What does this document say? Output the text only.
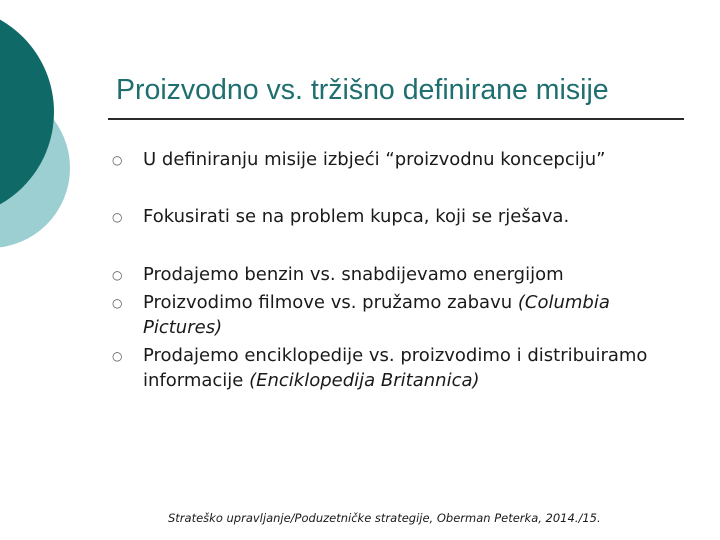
Proizvodno vs. tržišno definirane misije
○	U definiranju misije izbjeći “proizvodnu koncepciju”
○	Fokusirati se na problem kupca, koji se rješava.
○	Prodajemo benzin vs. snabdijevamo energijom
○	Proizvodimo filmove vs. pružamo zabavu (Columbia Pictures)
○	Prodajemo enciklopedije vs. proizvodimo i distribuiramo informacije (Enciklopedija Britannica)
Strateško upravljanje/Poduzetničke strategije, Oberman Peterka, 2014./15.
